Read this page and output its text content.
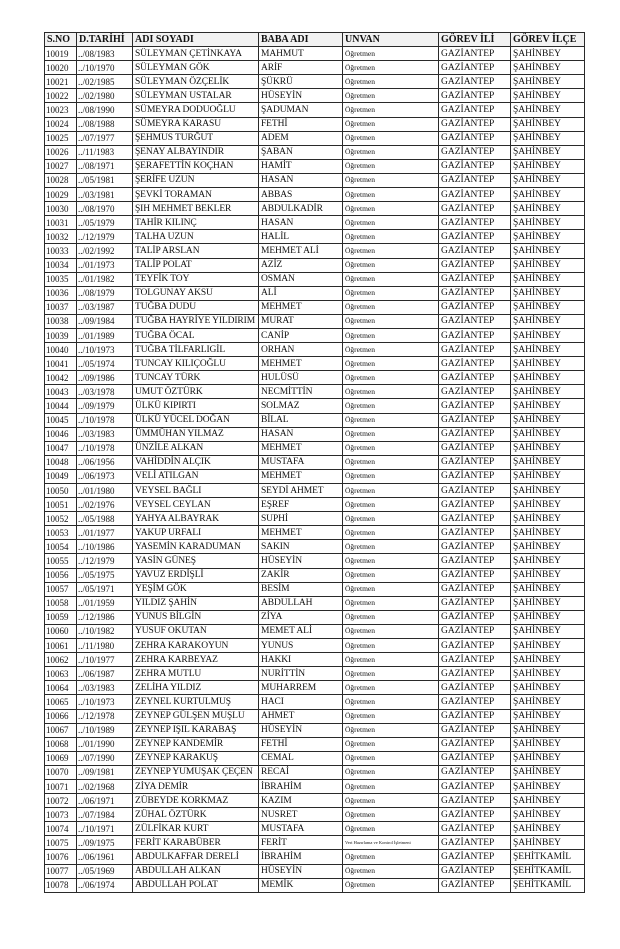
S.NO	D.TARİHİ	ADI SOYADI	BABA ADI	UNVAN	GÖREV İLİ	GÖREV İLÇE
10019	../08/1983	SÜLEYMAN ÇETİNKAYA	MAHMUT	Öğretmen	GAZİANTEP	ŞAHİNBEY
10020	../10/1970	SÜLEYMAN GÖK	ARİF	Öğretmen	GAZİANTEP	ŞAHİNBEY
10021	../02/1985	SÜLEYMAN ÖZÇELİK	ŞÜKRÜ	Öğretmen	GAZİANTEP	ŞAHİNBEY
10022	../02/1980	SÜLEYMAN USTALAR	HÜSEYİN	Öğretmen	GAZİANTEP	ŞAHİNBEY
10023	../08/1990	SÜMEYRA DODUOĞLU	ŞADUMAN	Öğretmen	GAZİANTEP	ŞAHİNBEY
10024	../08/1988	SÜMEYRA KARASU	FETHİ	Öğretmen	GAZİANTEP	ŞAHİNBEY
10025	../07/1977	ŞEHMUS TURĞUT	ADEM	Öğretmen	GAZİANTEP	ŞAHİNBEY
10026	../11/1983	ŞENAY ALBAYINDIR	ŞABAN	Öğretmen	GAZİANTEP	ŞAHİNBEY
10027	../08/1971	ŞERAFETTİN KOÇHAN	HAMİT	Öğretmen	GAZİANTEP	ŞAHİNBEY
10028	../05/1981	ŞERİFE UZUN	HASAN	Öğretmen	GAZİANTEP	ŞAHİNBEY
10029	../03/1981	ŞEVKİ TORAMAN	ABBAS	Öğretmen	GAZİANTEP	ŞAHİNBEY
10030	../08/1970	ŞIH MEHMET BEKLER	ABDULKADİR	Öğretmen	GAZİANTEP	ŞAHİNBEY
10031	../05/1979	TAHİR KILINÇ	HASAN	Öğretmen	GAZİANTEP	ŞAHİNBEY
10032	../12/1979	TALHA UZUN	HALİL	Öğretmen	GAZİANTEP	ŞAHİNBEY
10033	../02/1992	TALİP ARSLAN	MEHMET ALİ	Öğretmen	GAZİANTEP	ŞAHİNBEY
10034	../01/1973	TALİP POLAT	AZİZ	Öğretmen	GAZİANTEP	ŞAHİNBEY
10035	../01/1982	TEYFİK TOY	OSMAN	Öğretmen	GAZİANTEP	ŞAHİNBEY
10036	../08/1979	TOLGUNAY AKSU	ALİ	Öğretmen	GAZİANTEP	ŞAHİNBEY
10037	../03/1987	TUĞBA DUDU	MEHMET	Öğretmen	GAZİANTEP	ŞAHİNBEY
10038	../09/1984	TUĞBA HAYRİYE YILDIRIM	MURAT	Öğretmen	GAZİANTEP	ŞAHİNBEY
10039	../01/1989	TUĞBA ÖCAL	CANİP	Öğretmen	GAZİANTEP	ŞAHİNBEY
10040	../10/1973	TUĞBA TİLFARLIGİL	ORHAN	Öğretmen	GAZİANTEP	ŞAHİNBEY
10041	../05/1974	TUNCAY KILIÇOĞLU	MEHMET	Öğretmen	GAZİANTEP	ŞAHİNBEY
10042	../09/1986	TUNCAY TÜRK	HULÜSÜ	Öğretmen	GAZİANTEP	ŞAHİNBEY
10043	../03/1978	UMUT ÖZTÜRK	NECMİTTİN	Öğretmen	GAZİANTEP	ŞAHİNBEY
10044	../09/1979	ÜLKÜ KIPIRTI	SOLMAZ	Öğretmen	GAZİANTEP	ŞAHİNBEY
10045	../10/1978	ÜLKÜ YÜCEL DOĞAN	BİLAL	Öğretmen	GAZİANTEP	ŞAHİNBEY
10046	../03/1983	ÜMMÜHAN YILMAZ	HASAN	Öğretmen	GAZİANTEP	ŞAHİNBEY
10047	../10/1978	ÜNZİLE ALKAN	MEHMET	Öğretmen	GAZİANTEP	ŞAHİNBEY
10048	../06/1956	VAHİDDİN ALÇIK	MUSTAFA	Öğretmen	GAZİANTEP	ŞAHİNBEY
10049	../06/1973	VELİ ATILGAN	MEHMET	Öğretmen	GAZİANTEP	ŞAHİNBEY
10050	../01/1980	VEYSEL BAĞLI	SEYDİ AHMET	Öğretmen	GAZİANTEP	ŞAHİNBEY
10051	../02/1976	VEYSEL CEYLAN	EŞREF	Öğretmen	GAZİANTEP	ŞAHİNBEY
10052	../05/1988	YAHYA ALBAYRAK	SUPHİ	Öğretmen	GAZİANTEP	ŞAHİNBEY
10053	../01/1977	YAKUP URFALI	MEHMET	Öğretmen	GAZİANTEP	ŞAHİNBEY
10054	../10/1986	YASEMİN KARADUMAN	SAKIN	Öğretmen	GAZİANTEP	ŞAHİNBEY
10055	../12/1979	YASİN GÜNEŞ	HÜSEYİN	Öğretmen	GAZİANTEP	ŞAHİNBEY
10056	../05/1975	YAVUZ ERDİŞLİ	ZAKİR	Öğretmen	GAZİANTEP	ŞAHİNBEY
10057	../05/1971	YEŞİM GÖK	BESİM	Öğretmen	GAZİANTEP	ŞAHİNBEY
10058	../01/1959	YILDIZ ŞAHİN	ABDULLAH	Öğretmen	GAZİANTEP	ŞAHİNBEY
10059	../12/1986	YUNUS BİLGİN	ZİYA	Öğretmen	GAZİANTEP	ŞAHİNBEY
10060	../10/1982	YUSUF OKUTAN	MEMET ALİ	Öğretmen	GAZİANTEP	ŞAHİNBEY
10061	../11/1980	ZEHRA KARAKOYUN	YUNUS	Öğretmen	GAZİANTEP	ŞAHİNBEY
10062	../10/1977	ZEHRA KARBEYAZ	HAKKI	Öğretmen	GAZİANTEP	ŞAHİNBEY
10063	../06/1987	ZEHRA MUTLU	NURİTTİN	Öğretmen	GAZİANTEP	ŞAHİNBEY
10064	../03/1983	ZELİHA YILDIZ	MUHARREM	Öğretmen	GAZİANTEP	ŞAHİNBEY
10065	../10/1973	ZEYNEL KURTULMUŞ	HACI	Öğretmen	GAZİANTEP	ŞAHİNBEY
10066	../12/1978	ZEYNEP GÜLŞEN MUŞLU	AHMET	Öğretmen	GAZİANTEP	ŞAHİNBEY
10067	../10/1989	ZEYNEP IŞIL KARABAŞ	HÜSEYİN	Öğretmen	GAZİANTEP	ŞAHİNBEY
10068	../01/1990	ZEYNEP KANDEMİR	FETHİ	Öğretmen	GAZİANTEP	ŞAHİNBEY
10069	../07/1990	ZEYNEP KARAKUŞ	CEMAL	Öğretmen	GAZİANTEP	ŞAHİNBEY
10070	../09/1981	ZEYNEP YUMUŞAK ÇEÇEN	RECAİ	Öğretmen	GAZİANTEP	ŞAHİNBEY
10071	../02/1968	ZİYA DEMİR	İBRAHİM	Öğretmen	GAZİANTEP	ŞAHİNBEY
10072	../06/1971	ZÜBEYDE KORKMAZ	KAZIM	Öğretmen	GAZİANTEP	ŞAHİNBEY
10073	../07/1984	ZÜHAL ÖZTÜRK	NUSRET	Öğretmen	GAZİANTEP	ŞAHİNBEY
10074	../10/1971	ZÜLFİKAR KURT	MUSTAFA	Öğretmen	GAZİANTEP	ŞAHİNBEY
10075	../09/1975	FERİT KARABÜBER	FERİT	Veri Hazırlama ve Kontrol İşletmeni	GAZİANTEP	ŞAHİNBEY
10076	../06/1961	ABDULKAFFAR DERELİ	İBRAHİM	Öğretmen	GAZİANTEP	ŞEHİTKAMİL
10077	../05/1969	ABDULLAH ALKAN	HÜSEYİN	Öğretmen	GAZİANTEP	ŞEHİTKAMİL
10078	../06/1974	ABDULLAH POLAT	MEMİK	Öğretmen	GAZİANTEP	ŞEHİTKAMİL
